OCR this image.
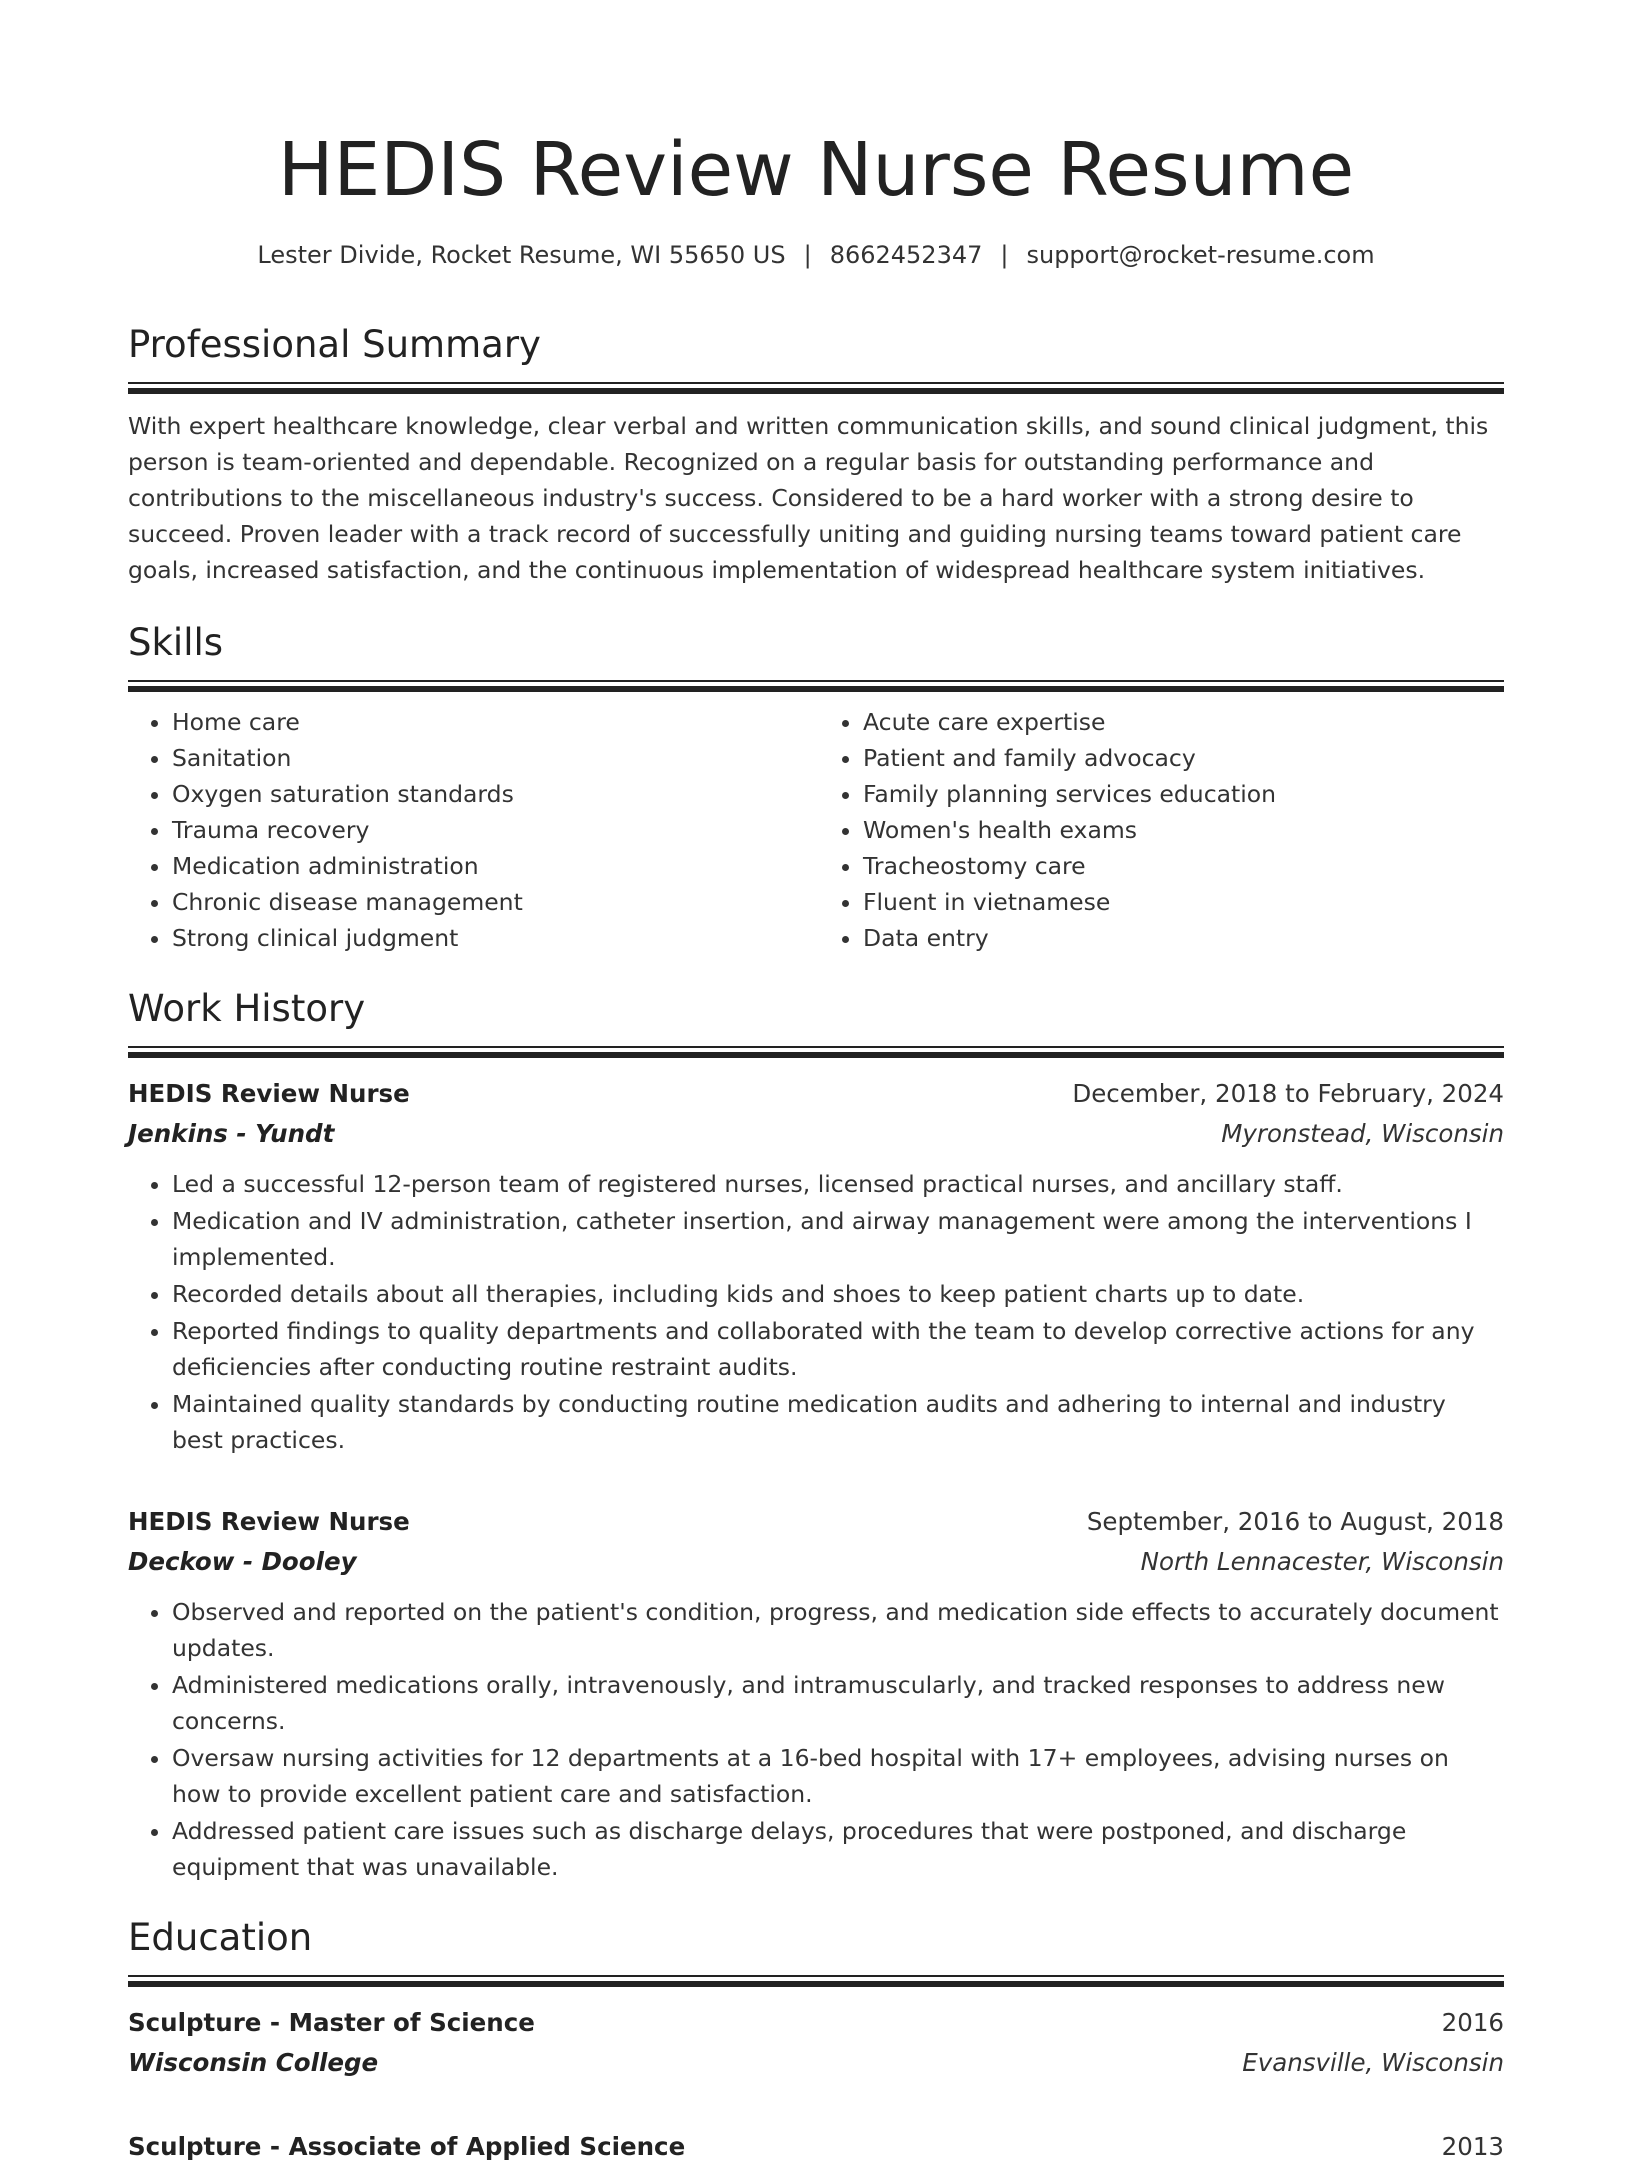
HEDIS Review Nurse Resume
Lester Divide, Rocket Resume, WI 55650 US | 8662452347 | support@rocket-resume.com
Professional Summary
With expert healthcare knowledge, clear verbal and written communication skills, and sound clinical judgment, this person is team-oriented and dependable. Recognized on a regular basis for outstanding performance and contributions to the miscellaneous industry's success. Considered to be a hard worker with a strong desire to succeed. Proven leader with a track record of successfully uniting and guiding nursing teams toward patient care goals, increased satisfaction, and the continuous implementation of widespread healthcare system initiatives.
Skills
• Home care
• Sanitation
• Oxygen saturation standards
• Trauma recovery
• Medication administration
• Chronic disease management
• Strong clinical judgment
• Acute care expertise
• Patient and family advocacy
• Family planning services education
• Women's health exams
• Tracheostomy care
• Fluent in vietnamese
• Data entry
Work History
HEDIS Review Nurse	December, 2018 to February, 2024
Jenkins - Yundt	Myronstead, Wisconsin
• Led a successful 12-person team of registered nurses, licensed practical nurses, and ancillary staff.
• Medication and IV administration, catheter insertion, and airway management were among the interventions I implemented.
• Recorded details about all therapies, including kids and shoes to keep patient charts up to date.
• Reported findings to quality departments and collaborated with the team to develop corrective actions for any deficiencies after conducting routine restraint audits.
• Maintained quality standards by conducting routine medication audits and adhering to internal and industry best practices.
HEDIS Review Nurse	September, 2016 to August, 2018
Deckow - Dooley	North Lennacester, Wisconsin
• Observed and reported on the patient's condition, progress, and medication side effects to accurately document updates.
• Administered medications orally, intravenously, and intramuscularly, and tracked responses to address new concerns.
• Oversaw nursing activities for 12 departments at a 16-bed hospital with 17+ employees, advising nurses on how to provide excellent patient care and satisfaction.
• Addressed patient care issues such as discharge delays, procedures that were postponed, and discharge equipment that was unavailable.
Education
Sculpture - Master of Science	2016
Wisconsin College	Evansville, Wisconsin
Sculpture - Associate of Applied Science	2013
